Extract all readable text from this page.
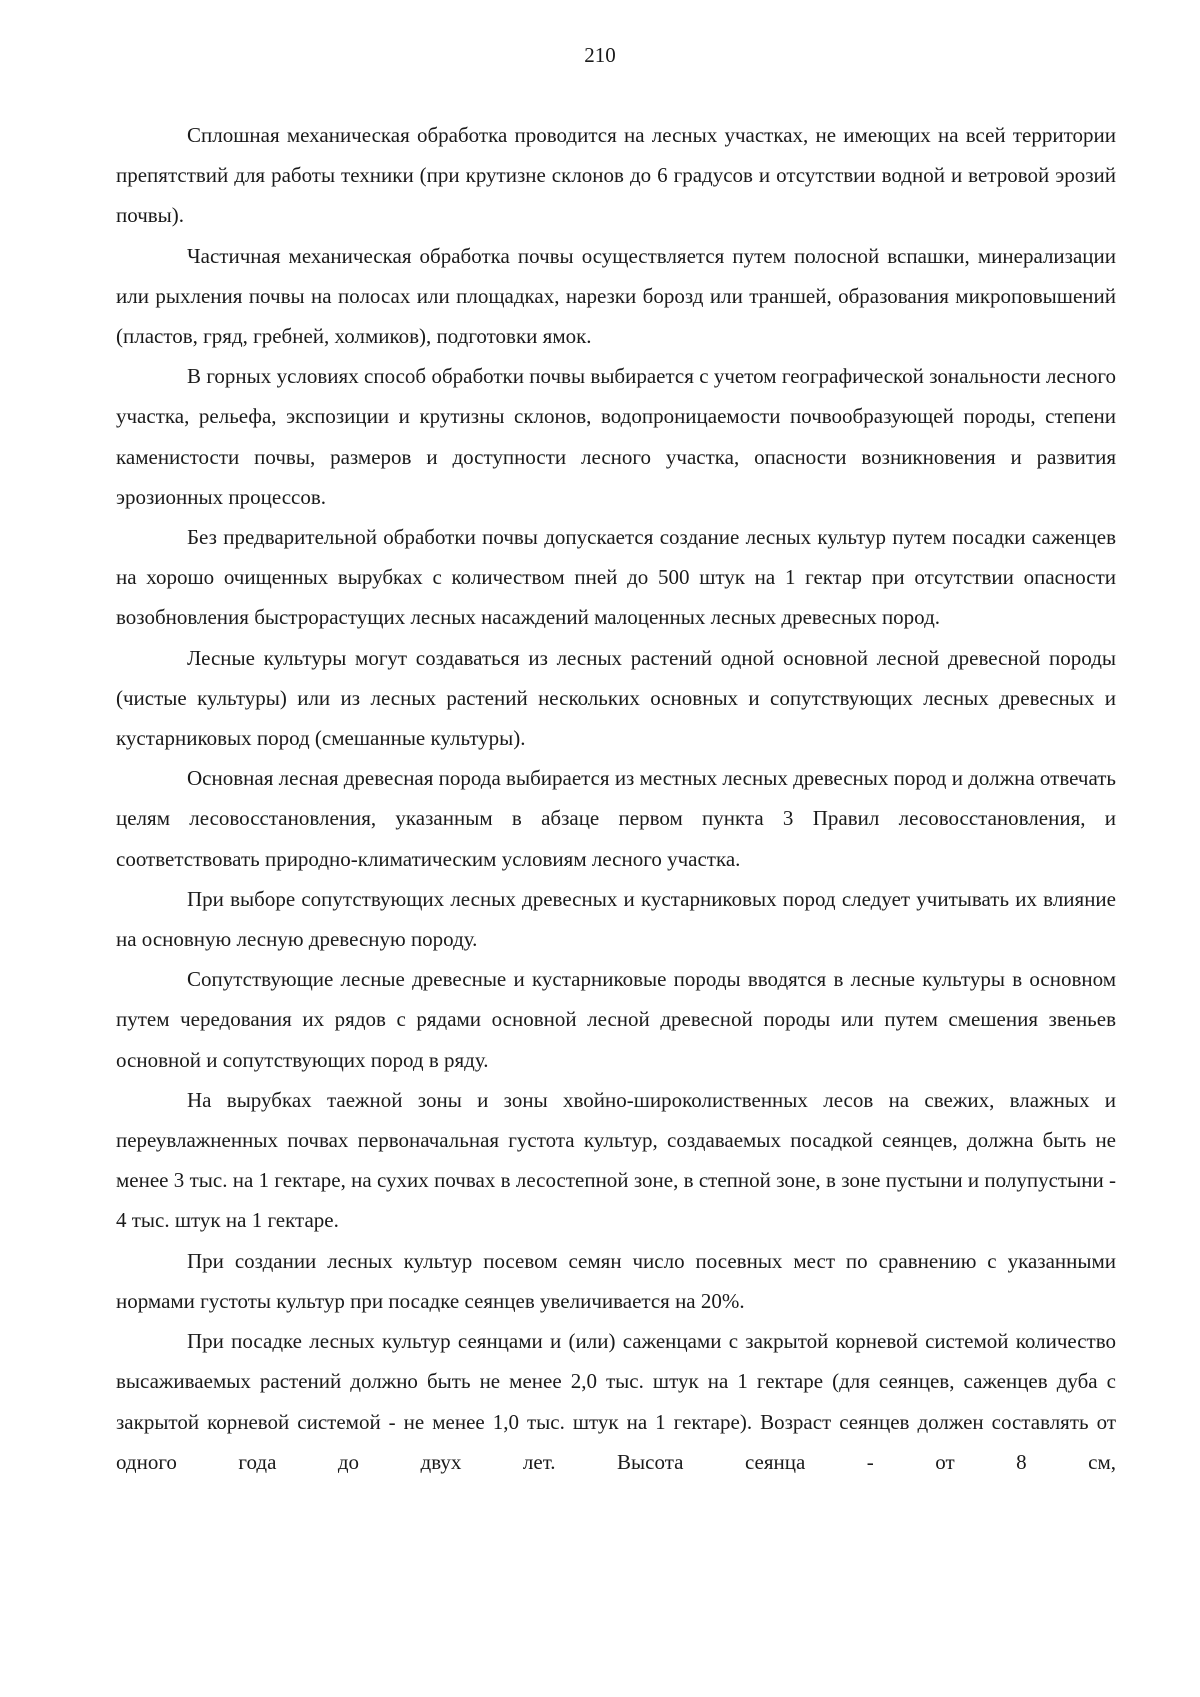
210

Сплошная механическая обработка проводится на лесных участках, не имеющих на всей территории препятствий для работы техники (при крутизне склонов до 6 градусов и отсутствии водной и ветровой эрозий почвы).

Частичная механическая обработка почвы осуществляется путем полосной вспашки, минерализации или рыхления почвы на полосах или площадках, нарезки борозд или траншей, образования микроповышений (пластов, гряд, гребней, холмиков), подготовки ямок.

В горных условиях способ обработки почвы выбирается с учетом географической зональности лесного участка, рельефа, экспозиции и крутизны склонов, водопроницаемости почвообразующей породы, степени каменистости почвы, размеров и доступности лесного участка, опасности возникновения и развития эрозионных процессов.

Без предварительной обработки почвы допускается создание лесных культур путем посадки саженцев на хорошо очищенных вырубках с количеством пней до 500 штук на 1 гектар при отсутствии опасности возобновления быстрорастущих лесных насаждений малоценных лесных древесных пород.

Лесные культуры могут создаваться из лесных растений одной основной лесной древесной породы (чистые культуры) или из лесных растений нескольких основных и сопутствующих лесных древесных и кустарниковых пород (смешанные культуры).

Основная лесная древесная порода выбирается из местных лесных древесных пород и должна отвечать целям лесовосстановления, указанным в абзаце первом пункта 3 Правил лесовосстановления, и соответствовать природно-климатическим условиям лесного участка.

При выборе сопутствующих лесных древесных и кустарниковых пород следует учитывать их влияние на основную лесную древесную породу.

Сопутствующие лесные древесные и кустарниковые породы вводятся в лесные культуры в основном путем чередования их рядов с рядами основной лесной древесной породы или путем смешения звеньев основной и сопутствующих пород в ряду.

На вырубках таежной зоны и зоны хвойно-широколиственных лесов на свежих, влажных и переувлажненных почвах первоначальная густота культур, создаваемых посадкой сеянцев, должна быть не менее 3 тыс. на 1 гектаре, на сухих почвах в лесостепной зоне, в степной зоне, в зоне пустыни и полупустыни - 4 тыс. штук на 1 гектаре.

При создании лесных культур посевом семян число посевных мест по сравнению с указанными нормами густоты культур при посадке сеянцев увеличивается на 20%.

При посадке лесных культур сеянцами и (или) саженцами с закрытой корневой системой количество высаживаемых растений должно быть не менее 2,0 тыс. штук на 1 гектаре (для сеянцев, саженцев дуба с закрытой корневой системой - не менее 1,0 тыс. штук на 1 гектаре). Возраст сеянцев должен составлять от одного года до двух лет. Высота сеянца - от 8 см,
